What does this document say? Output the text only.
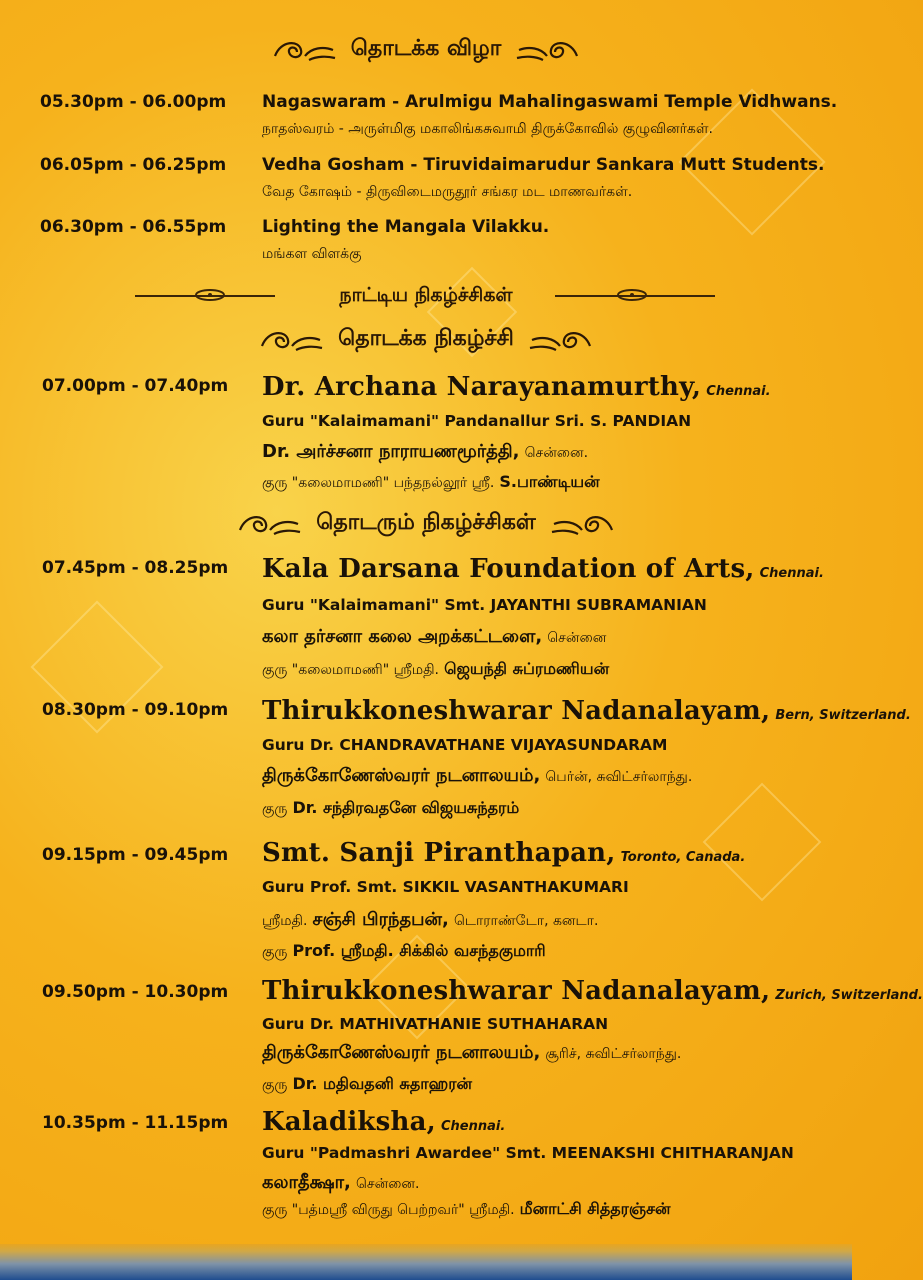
தொடக்க விழா
05.30pm - 06.00pm Nagaswaram - Arulmigu Mahalingaswami Temple Vidhwans.
நாதஸ்வரம் - அருள்மிகு மகாலிங்கசுவாமி திருக்கோவில் குழுவினர்கள்.
06.05pm - 06.25pm Vedha Gosham - Tiruvidaimarudur Sankara Mutt Students.
வேத கோஷம் - திருவிடைமருதூர் சங்கர மட மாணவர்கள்.
06.30pm - 06.55pm Lighting the Mangala Vilakku.
மங்கள விளக்கு
நாட்டிய நிகழ்ச்சிகள்
தொடக்க நிகழ்ச்சி
07.00pm - 07.40pm Dr. Archana Narayanamurthy, Chennai.
Guru "Kalaimamani" Pandanallur Sri. S. PANDIAN
Dr. அர்ச்சனா நாராயணமூர்த்தி, சென்னை.
குரு "கலைமாமணி" பந்தநல்லூர் ஸ்ரீ. S.பாண்டியன்
தொடரும் நிகழ்ச்சிகள்
07.45pm - 08.25pm Kala Darsana Foundation of Arts, Chennai.
Guru "Kalaimamani" Smt. JAYANTHI SUBRAMANIAN
கலா தர்சனா கலை அறக்கட்டளை, சென்னை
குரு "கலைமாமணி" ஸ்ரீமதி. ஜெயந்தி சுப்ரமணியன்
08.30pm - 09.10pm Thirukkoneshwarar Nadanalayam, Bern, Switzerland.
Guru Dr. CHANDRAVATHANE VIJAYASUNDARAM
திருக்கோணேஸ்வரர் நடனாலயம், பெர்ன், சுவிட்சர்லாந்து.
குரு Dr. சந்திரவதனே விஜயசுந்தரம்
09.15pm - 09.45pm Smt. Sanji Piranthapan, Toronto, Canada.
Guru Prof. Smt. SIKKIL VASANTHAKUMARI
ஸ்ரீமதி. சஞ்சி பிரந்தபன், டொராண்டோ, கனடா.
குரு Prof. ஸ்ரீமதி. சிக்கில் வசந்தகுமாரி
09.50pm - 10.30pm Thirukkoneshwarar Nadanalayam, Zurich, Switzerland.
Guru Dr. MATHIVATHANIE SUTHAHARAN
திருக்கோணேஸ்வரர் நடனாலயம், சூரிச், சுவிட்சர்லாந்து.
குரு Dr. மதிவதனி சுதாஹரன்
10.35pm - 11.15pm Kaladiksha, Chennai.
Guru "Padmashri Awardee" Smt. MEENAKSHI CHITHARANJAN
கலாதீக்ஷா, சென்னை.
குரு "பத்மஸ்ரீ விருது பெற்றவர்" ஸ்ரீமதி. மீனாட்சி சித்தரஞ்சன்
